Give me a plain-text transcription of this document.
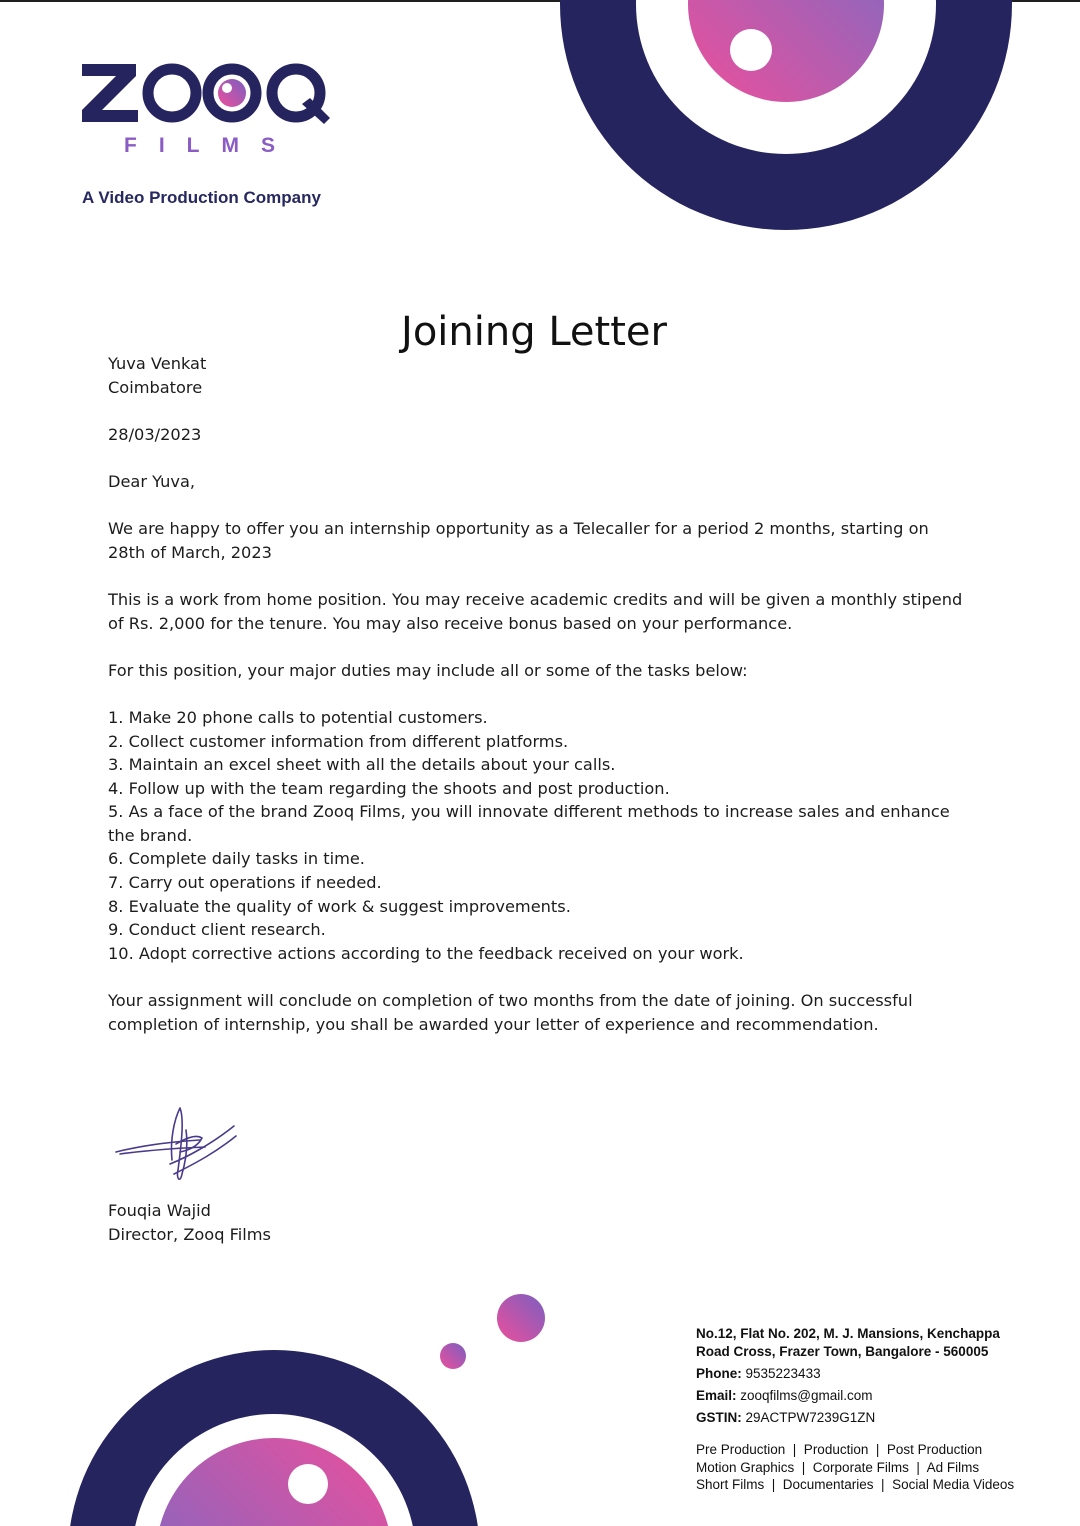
FILMS
A Video Production Company
Joining Letter

Yuva Venkat

Coimbatore

28/03/2023

Dear Yuva,

We are happy to offer you an internship opportunity as a Telecaller for a period 2 months, starting on

28th of March, 2023

This is a work from home position. You may receive academic credits and will be given a monthly stipend

of Rs. 2,000 for the tenure. You may also receive bonus based on your performance.

For this position, your major duties may include all or some of the tasks below:

1. Make 20 phone calls to potential customers.
2. Collect customer information from different platforms.
3. Maintain an excel sheet with all the details about your calls.
4. Follow up with the team regarding the shoots and post production.
5. As a face of the brand Zooq Films, you will innovate different methods to increase sales and enhance
the brand.
6. Complete daily tasks in time.
7. Carry out operations if needed.
8. Evaluate the quality of work & suggest improvements.
9. Conduct client research.
10. Adopt corrective actions according to the feedback received on your work.

Your assignment will conclude on completion of two months from the date of joining. On successful

completion of internship, you shall be awarded your letter of experience and recommendation.

Fouqia Wajid
Director, Zooq Films
No.12, Flat No. 202, M. J. Mansions, Kenchappa
Road Cross, Frazer Town, Bangalore - 560005
Phone: 9535223433
Email: zooqfilms@gmail.com
GSTIN: 29ACTPW7239G1ZN
Pre Production  |  Production  |  Post Production
Motion Graphics  |  Corporate Films  |  Ad Films
Short Films  |  Documentaries  |  Social Media Videos
